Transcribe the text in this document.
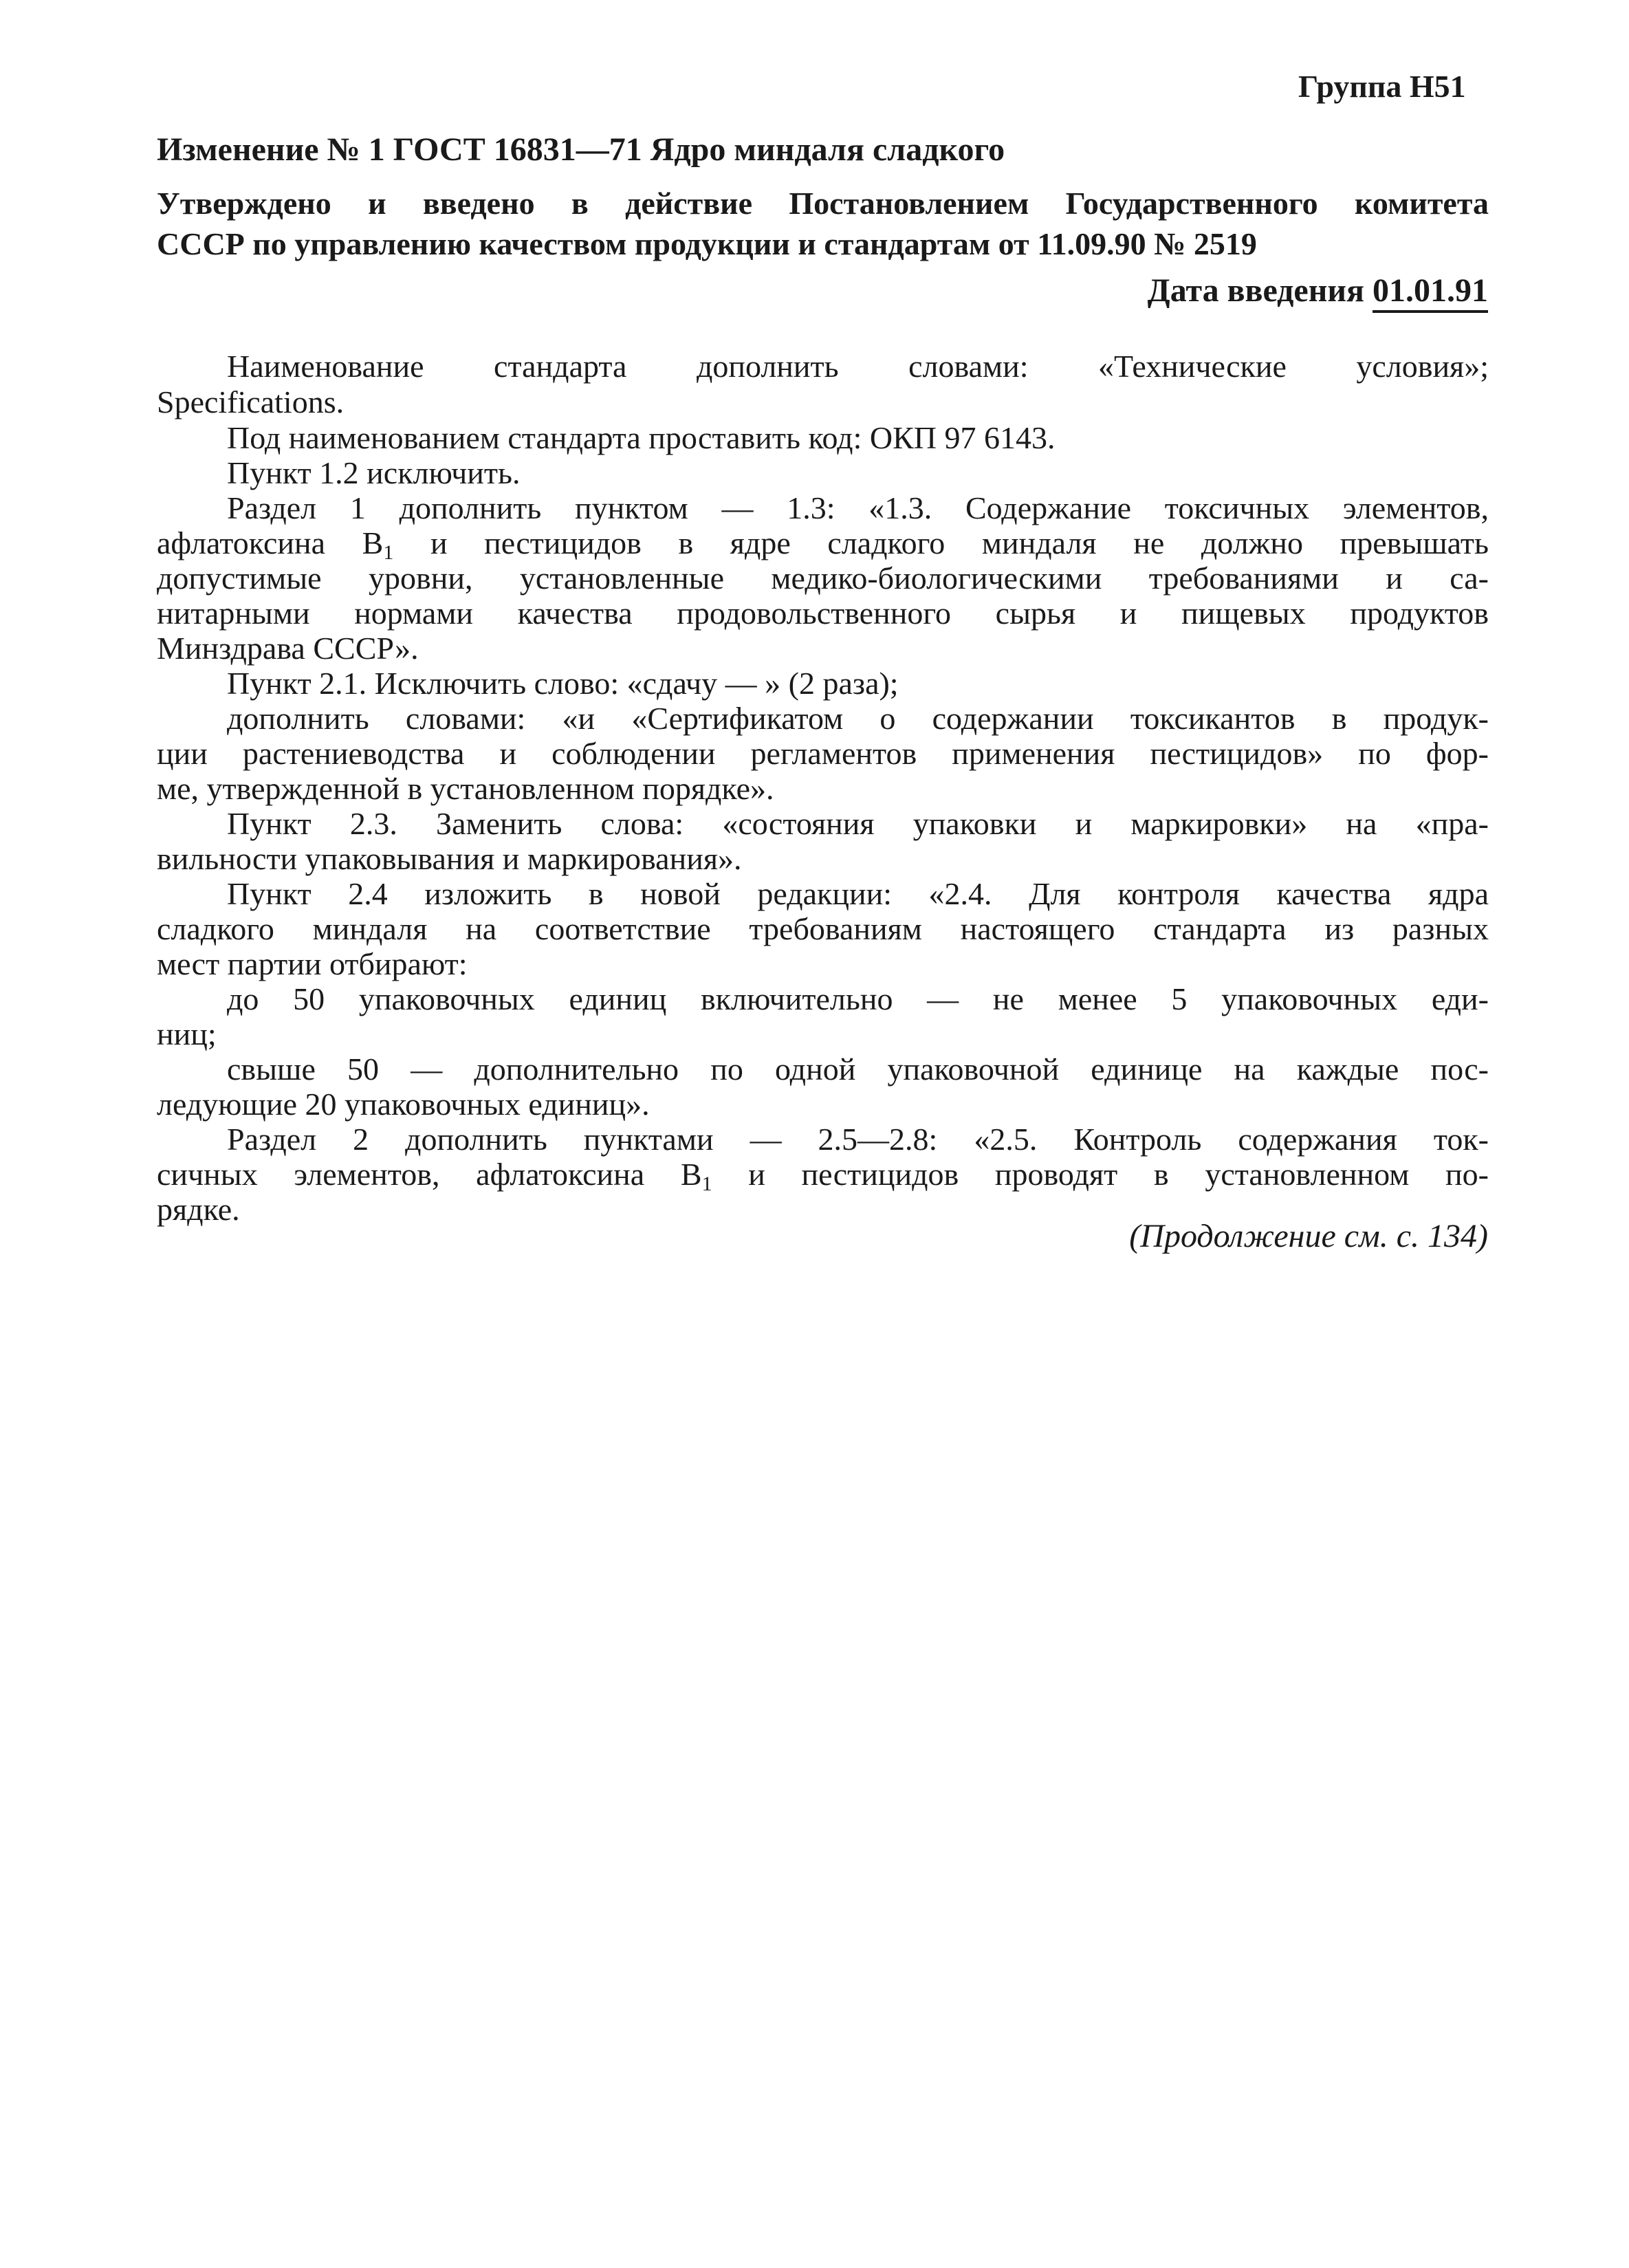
Группа Н51
Изменение № 1 ГОСТ 16831—71 Ядро миндаля сладкого
Утверждено и введено в действие Постановлением Государственного комитета
СССР по управлению качеством продукции и стандартам от 11.09.90 № 2519
Дата введения 01.01.91
Наименование стандарта дополнить словами: «Технические условия»;
Specifications.
Под наименованием стандарта проставить код: ОКП 97 6143.
Пункт 1.2 исключить.
Раздел 1 дополнить пунктом — 1.3: «1.3. Содержание токсичных элементов,
афлатоксина $B_1$ и пестицидов в ядре сладкого миндаля не должно превышать
допустимые уровни, установленные медико-биологическими требованиями и са-
нитарными нормами качества продовольственного сырья и пищевых продуктов
Минздрава СССР».
Пункт 2.1. Исключить слово: «сдачу — » (2 раза);
дополнить словами: «и «Сертификатом о содержании токсикантов в продук-
ции растениеводства и соблюдении регламентов применения пестицидов» по фор-
ме, утвержденной в установленном порядке».
Пункт 2.3. Заменить слова: «состояния упаковки и маркировки» на «пра-
вильности упаковывания и маркирования».
Пункт 2.4 изложить в новой редакции: «2.4. Для контроля качества ядра
сладкого миндаля на соответствие требованиям настоящего стандарта из разных
мест партии отбирают:
до 50 упаковочных единиц включительно — не менее 5 упаковочных еди-
ниц;
свыше 50 — дополнительно по одной упаковочной единице на каждые пос-
ледующие 20 упаковочных единиц».
Раздел 2 дополнить пунктами — 2.5—2.8: «2.5. Контроль содержания ток-
сичных элементов, афлатоксина $B_1$ и пестицидов проводят в установленном по-
рядке.
(Продолжение см. с. 134)
